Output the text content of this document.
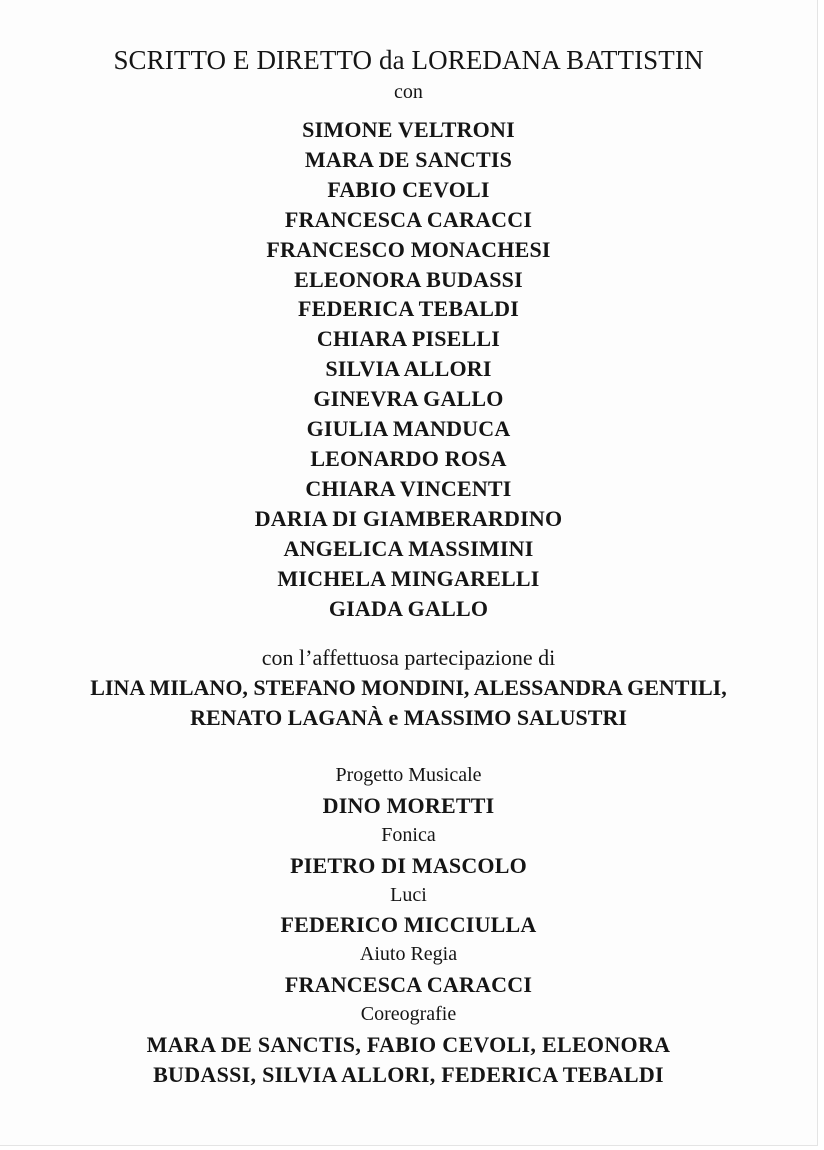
SCRITTO E DIRETTO da LOREDANA BATTISTIN

con

SIMONE VELTRONI
MARA DE SANCTIS
FABIO CEVOLI
FRANCESCA CARACCI
FRANCESCO MONACHESI
ELEONORA BUDASSI
FEDERICA TEBALDI
CHIARA PISELLI
SILVIA ALLORI
GINEVRA GALLO
GIULIA MANDUCA
LEONARDO ROSA
CHIARA VINCENTI
DARIA DI GIAMBERARDINO
ANGELICA MASSIMINI
MICHELA MINGARELLI
GIADA GALLO

con l’affettuosa partecipazione di

LINA MILANO, STEFANO MONDINI, ALESSANDRA GENTILI,

RENATO LAGANÀ e MASSIMO SALUSTRI

Progetto Musicale

DINO MORETTI

Fonica

PIETRO DI MASCOLO

Luci

FEDERICO MICCIULLA

Aiuto Regia

FRANCESCA CARACCI

Coreografie

MARA DE SANCTIS, FABIO CEVOLI, ELEONORA

BUDASSI, SILVIA ALLORI, FEDERICA TEBALDI
